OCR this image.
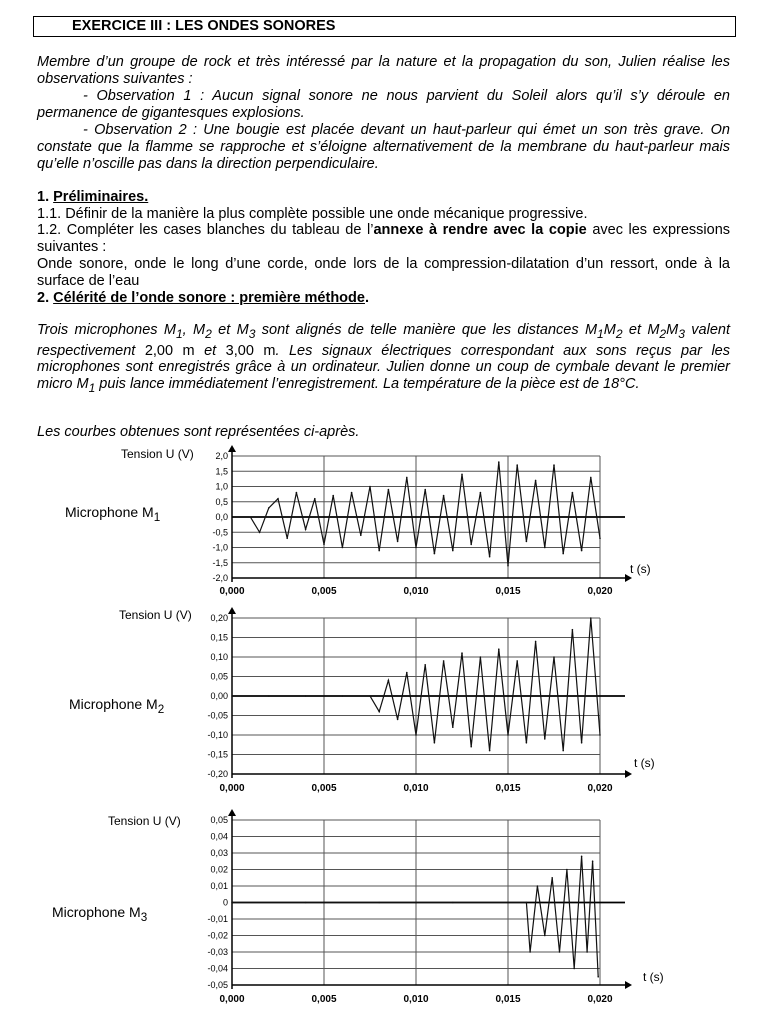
EXERCICE III : LES ONDES SONORES

Membre d’un groupe de rock et très intéressé par la nature et la propagation du son, Julien réalise les observations suivantes :

- Observation 1 : Aucun signal sonore ne nous parvient du Soleil alors qu’il s’y déroule en permanence de gigantesques explosions.

- Observation 2 : Une bougie est placée devant un haut-parleur qui émet un son très grave. On constate que la flamme se rapproche et s’éloigne alternativement de la membrane du haut-parleur mais qu’elle n’oscille pas dans la direction perpendiculaire.

1. Préliminaires.

1.1. Définir de la manière la plus complète possible une onde mécanique progressive.

1.2. Compléter les cases blanches du tableau de l’annexe à rendre avec la copie avec les expressions suivantes :

Onde sonore, onde le long d’une corde, onde lors de la compression-dilatation d’un ressort, onde à la surface de l’eau

2. Célérité de l’onde sonore : première méthode.

Trois microphones $M_1$, $M_2$ et $M_3$ sont alignés de telle manière que les distances $M_1M_2$ et $M_2M_3$ valent respectivement 2,00 m et 3,00 m. Les signaux électriques correspondant aux sons reçus par les microphones sont enregistrés grâce à un ordinateur. Julien donne un coup de cymbale devant le premier micro $M_1$ puis lance immédiatement l’enregistrement. La température de la pièce est de 18°C.

Les courbes obtenues sont représentées ci-après.

Tension U (V)
Microphone $M_1$
t (s)
2,0
1,5
1,0
0,5
0,0
-0,5
-1,0
-1,5
-2,0
0,000	0,005	0,010	0,015	0,020
Tension U (V)
Microphone $M_2$
t (s)
0,20
0,15
0,10
0,05
0,00
-0,05
-0,10
-0,15
-0,20
0,000	0,005	0,010	0,015	0,020
Tension U (V)
Microphone $M_3$
t (s)
0,05
0,04
0,03
0,02
0,01
0
-0,01
-0,02
-0,03
-0,04
-0,05
0,000	0,005	0,010	0,015	0,020
